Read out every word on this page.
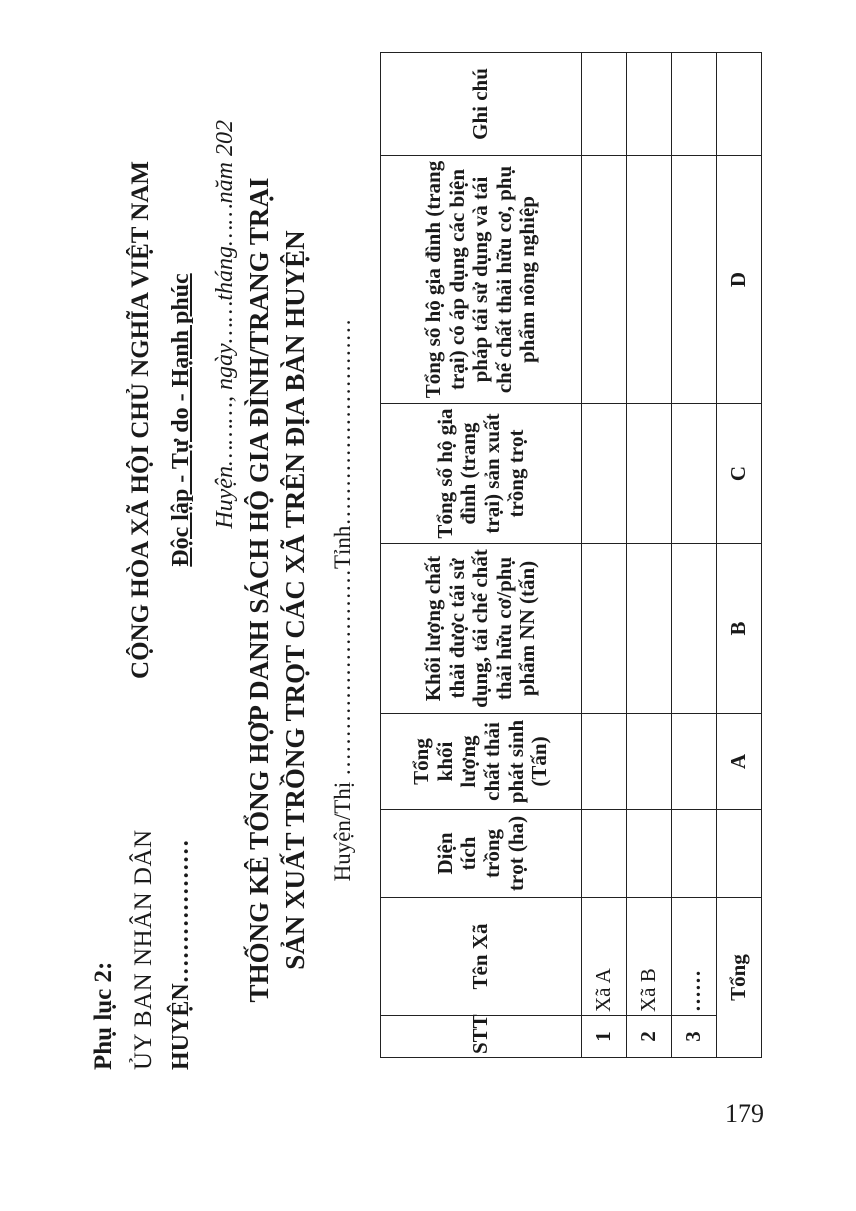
Phụ lục 2: ỦY BAN NHÂN DÂN HUYỆN………………
CỘNG HÒA XÃ HỘI CHỦ NGHĨA VIỆT NAM Độc lập - Tự do - Hạnh phúc Huyện………, ngày……tháng……năm 202 THỐNG KÊ TỔNG HỢP DANH SÁCH HỘ GIA ĐÌNH/TRANG TRẠI SẢN XUẤT TRỒNG TRỌT CÁC XÃ TRÊN ĐỊA BÀN HUYỆN Huyện/Thị ………………………Tỉnh………………………
STT	Tên Xã	Diện tích trồng trọt (ha)	Tổng khối lượng chất thải phát sinh (Tấn)	Khối lượng chất thải được tái sử dụng, tái chế chất thải hữu cơ/phụ phẩm NN (tấn)	Tổng số hộ gia đình (trang trại) sản xuất trồng trọt	Tổng số hộ gia đình (trang trại) có áp dụng các biện pháp tái sử dụng và tái chế chất thải hữu cơ, phụ phẩm nông nghiệp	Ghi chú
1	Xã A						
2	Xã B						
3	……						
Tổng			A	B	C	D	
179
